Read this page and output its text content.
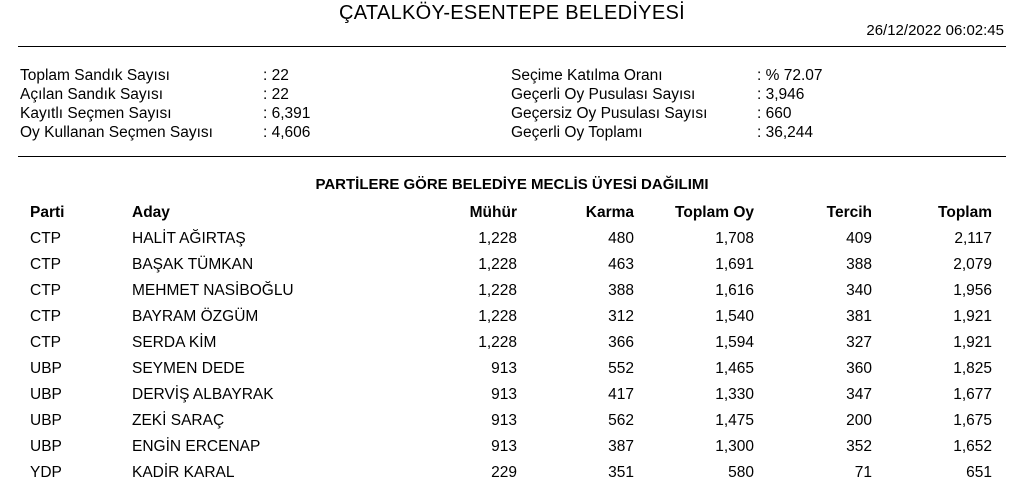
ÇATALKÖY-ESENTEPE BELEDİYESİ
26/12/2022 06:02:45
Toplam Sandık Sayısı	: 22
Açılan Sandık Sayısı	: 22
Kayıtlı Seçmen Sayısı	: 6,391
Oy Kullanan Seçmen Sayısı	: 4,606
Seçime Katılma Oranı	: % 72.07
Geçerli Oy Pusulası Sayısı	: 3,946
Geçersiz Oy Pusulası Sayısı	: 660
Geçerli Oy Toplamı	: 36,244
PARTİLERE GÖRE BELEDİYE MECLİS ÜYESİ DAĞILIMI
Parti	Aday	Mühür	Karma	Toplam Oy	Tercih	Toplam
CTP	HALİT AĞIRTAŞ	1,228	480	1,708	409	2,117
CTP	BAŞAK TÜMKAN	1,228	463	1,691	388	2,079
CTP	MEHMET NASİBOĞLU	1,228	388	1,616	340	1,956
CTP	BAYRAM ÖZGÜM	1,228	312	1,540	381	1,921
CTP	SERDA KİM	1,228	366	1,594	327	1,921
UBP	SEYMEN DEDE	913	552	1,465	360	1,825
UBP	DERVİŞ ALBAYRAK	913	417	1,330	347	1,677
UBP	ZEKİ SARAÇ	913	562	1,475	200	1,675
UBP	ENGİN ERCENAP	913	387	1,300	352	1,652
YDP	KADİR KARAL	229	351	580	71	651
